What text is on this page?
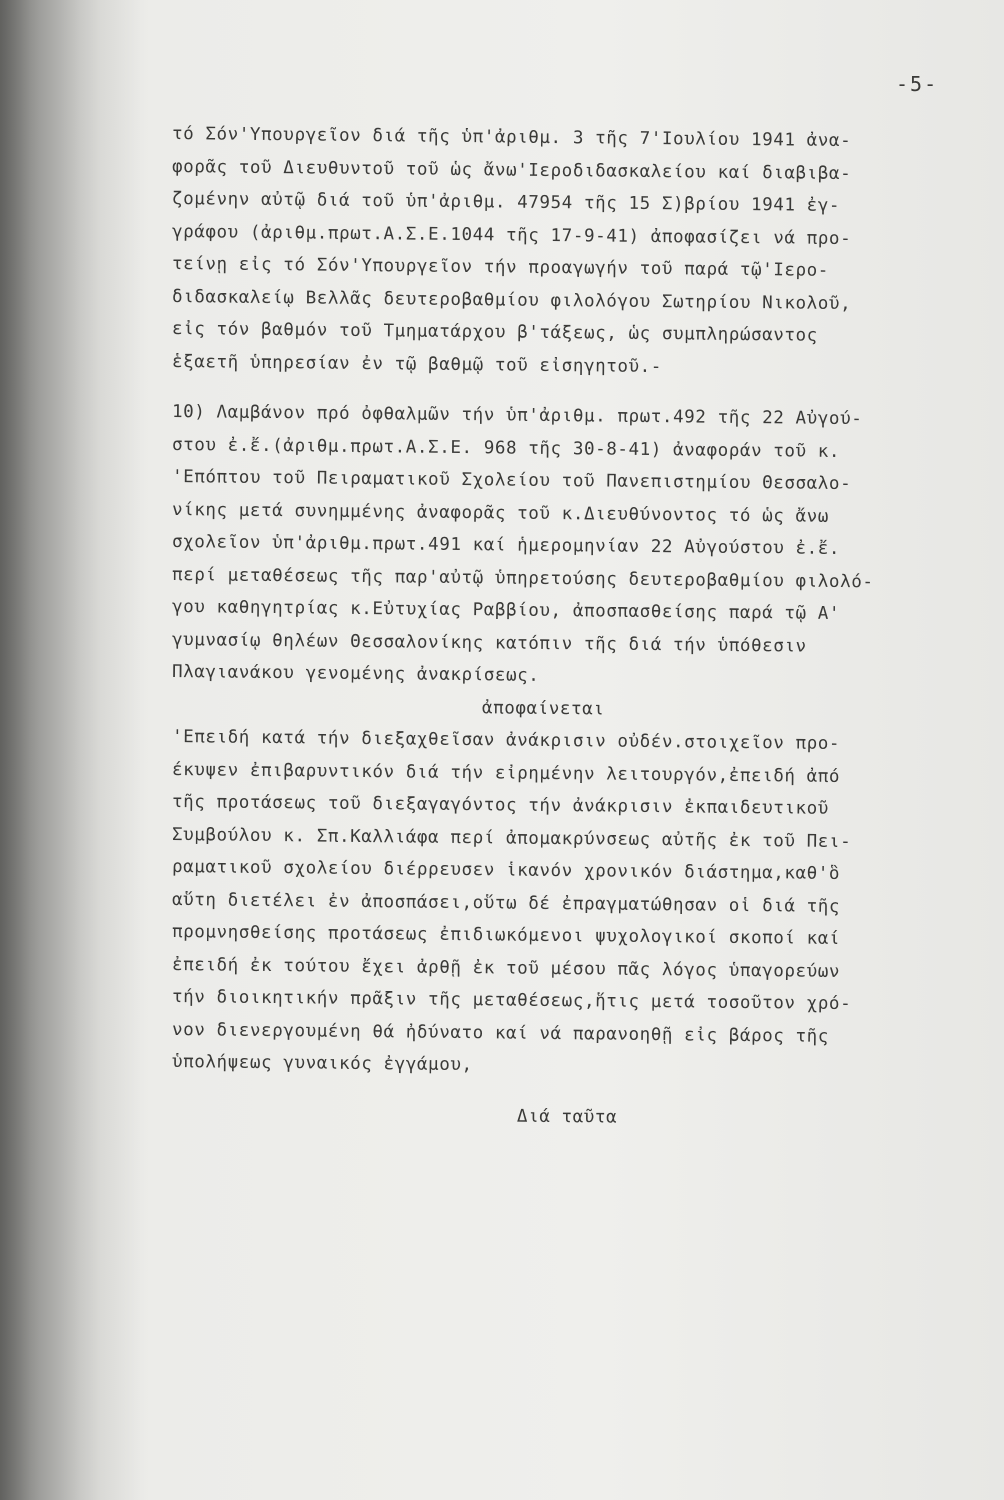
-5-
τό Σόν'Υπουργεῖον διά τῆς ὑπ'ἀριθμ. 3 τῆς 7'Ιουλίου 1941 ἀνα-
φορᾶς τοῦ Διευθυντοῦ τοῦ ὡς ἄνω'Ιεροδιδασκαλείου καί διαβιβα-
ζομένην αὐτῷ διά τοῦ ὑπ'ἀριθμ. 47954 τῆς 15 Σ)βρίου 1941 ἐγ-
γράφου (ἀριθμ.πρωτ.Α.Σ.Ε.1044 τῆς 17-9-41) ἀποφασίζει νά προ-
τείνῃ εἰς τό Σόν'Υπουργεῖον τήν προαγωγήν τοῦ παρά τῷ'Ιερο-
διδασκαλείῳ Βελλᾶς δευτεροβαθμίου φιλολόγου Σωτηρίου Νικολοῦ,
εἰς τόν βαθμόν τοῦ Τμηματάρχου β'τάξεως, ὡς συμπληρώσαντος
ἑξαετῆ ὑπηρεσίαν ἐν τῷ βαθμῷ τοῦ εἰσηγητοῦ.-
10) Λαμβάνον πρό ὀφθαλμῶν τήν ὑπ'ἀριθμ. πρωτ.492 τῆς 22 Αὐγού-
στου ἐ.ἔ.(ἀριθμ.πρωτ.Α.Σ.Ε. 968 τῆς 30-8-41) ἀναφοράν τοῦ κ.
'Επόπτου τοῦ Πειραματικοῦ Σχολείου τοῦ Πανεπιστημίου Θεσσαλο-
νίκης μετά συνημμένης ἀναφορᾶς τοῦ κ.Διευθύνοντος τό ὡς ἄνω
σχολεῖον ὑπ'ἀριθμ.πρωτ.491 καί ἡμερομηνίαν 22 Αὐγούστου ἐ.ἔ.
περί μεταθέσεως τῆς παρ'αὐτῷ ὑπηρετούσης δευτεροβαθμίου φιλολό-
γου καθηγητρίας κ.Εὐτυχίας Ραββίου, ἀποσπασθείσης παρά τῷ Α'
γυμνασίῳ θηλέων Θεσσαλονίκης κατόπιν τῆς διά τήν ὑπόθεσιν
Πλαγιανάκου γενομένης ἀνακρίσεως.
ἀποφαίνεται
'Επειδή κατά τήν διεξαχθεῖσαν ἀνάκρισιν οὐδέν.στοιχεῖον προ-
έκυψεν ἐπιβαρυντικόν διά τήν εἰρημένην λειτουργόν,ἐπειδή ἀπό
τῆς προτάσεως τοῦ διεξαγαγόντος τήν ἀνάκρισιν ἐκπαιδευτικοῦ
Συμβούλου κ. Σπ.Καλλιάφα περί ἀπομακρύνσεως αὐτῆς ἐκ τοῦ Πει-
ραματικοῦ σχολείου διέρρευσεν ἱκανόν χρονικόν διάστημα,καθ'ὃ
αὕτη διετέλει ἐν ἀποσπάσει,οὕτω δέ ἐπραγματώθησαν οἱ διά τῆς
προμνησθείσης προτάσεως ἐπιδιωκόμενοι ψυχολογικοί σκοποί καί
ἐπειδή ἐκ τούτου ἔχει ἀρθῇ ἐκ τοῦ μέσου πᾶς λόγος ὑπαγορεύων
τήν διοικητικήν πρᾶξιν τῆς μεταθέσεως,ἥτις μετά τοσοῦτον χρό-
νον διενεργουμένη θά ἠδύνατο καί νά παρανοηθῇ εἰς βάρος τῆς
ὑπολήψεως γυναικός ἐγγάμου,
Διά ταῦτα
